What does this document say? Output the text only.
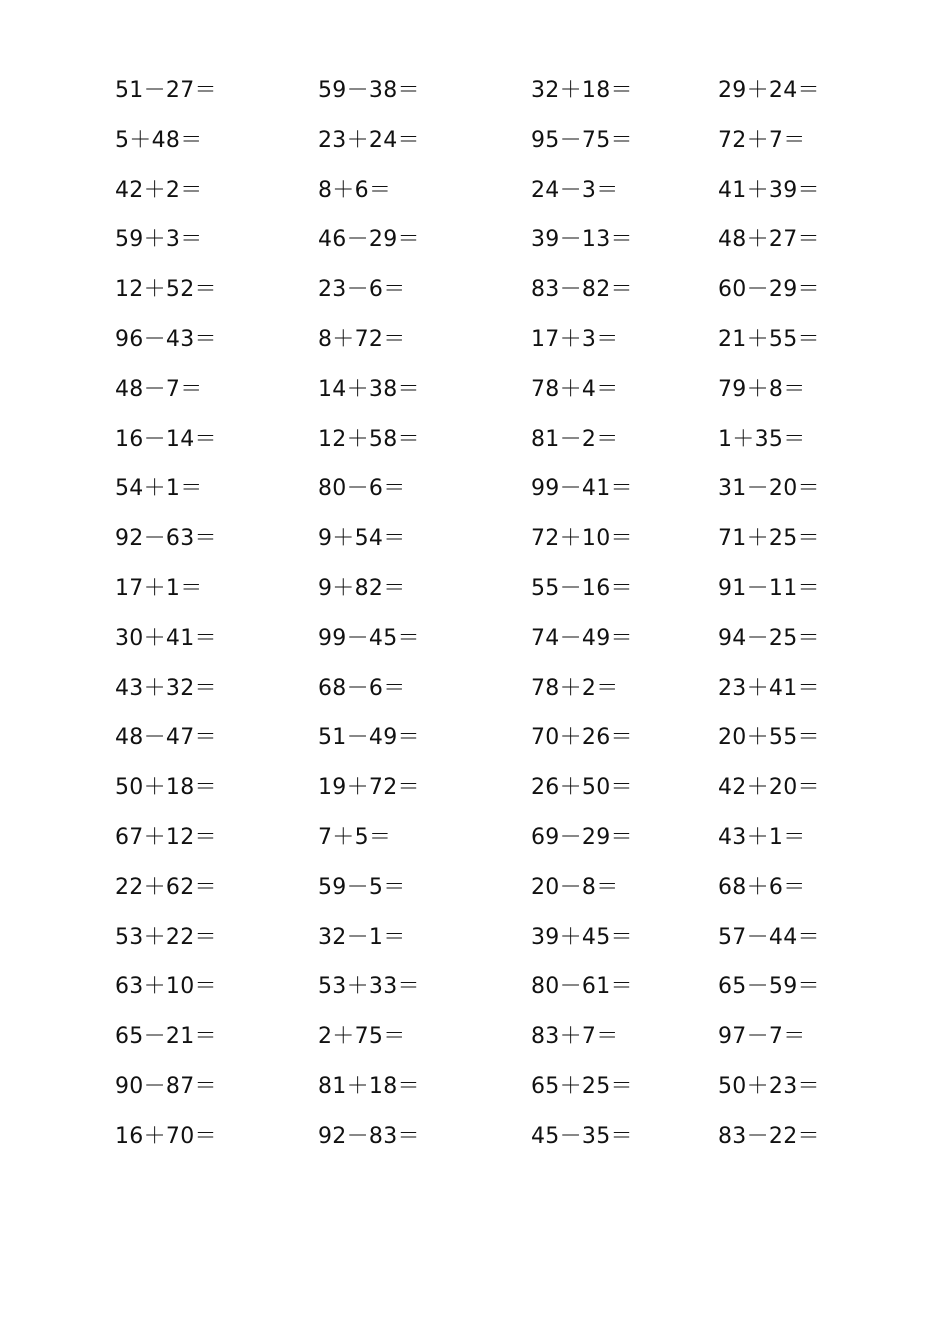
51－27＝	59－38＝	32＋18＝	29＋24＝
5＋48＝	23＋24＝	95－75＝	72＋7＝
42＋2＝	8＋6＝	24－3＝	41＋39＝
59＋3＝	46－29＝	39－13＝	48＋27＝
12＋52＝	23－6＝	83－82＝	60－29＝
96－43＝	8＋72＝	17＋3＝	21＋55＝
48－7＝	14＋38＝	78＋4＝	79＋8＝
16－14＝	12＋58＝	81－2＝	1＋35＝
54＋1＝	80－6＝	99－41＝	31－20＝
92－63＝	9＋54＝	72＋10＝	71＋25＝
17＋1＝	9＋82＝	55－16＝	91－11＝
30＋41＝	99－45＝	74－49＝	94－25＝
43＋32＝	68－6＝	78＋2＝	23＋41＝
48－47＝	51－49＝	70＋26＝	20＋55＝
50＋18＝	19＋72＝	26＋50＝	42＋20＝
67＋12＝	7＋5＝	69－29＝	43＋1＝
22＋62＝	59－5＝	20－8＝	68＋6＝
53＋22＝	32－1＝	39＋45＝	57－44＝
63＋10＝	53＋33＝	80－61＝	65－59＝
65－21＝	2＋75＝	83＋7＝	97－7＝
90－87＝	81＋18＝	65＋25＝	50＋23＝
16＋70＝	92－83＝	45－35＝	83－22＝
